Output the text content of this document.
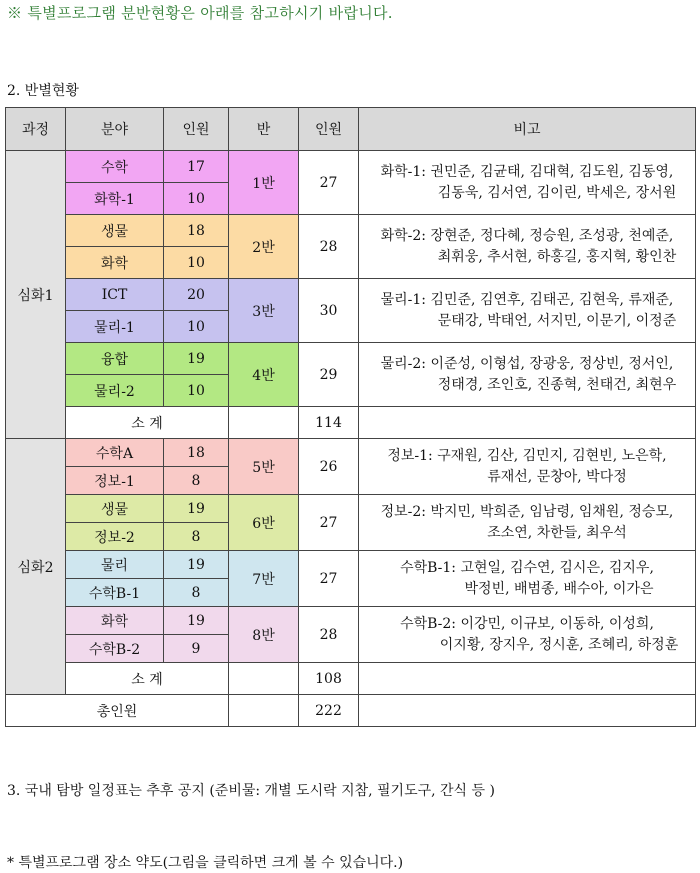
※ 특별프로그램 분반현황은 아래를 참고하시기 바랍니다.
2. 반별현황
과정	분야	인원	반	인원	비고
심화1	수학	17	1반	27	화학-1: 권민준, 김균태, 김대혁, 김도원, 김동영,
김동욱, 김서연, 김이린, 박세은, 장서원

	화학-1	10			
	생물	18	2반	28	화학-2: 장현준, 정다혜, 정승원, 조성광, 천예준,
최휘웅, 추서현, 하홍길, 홍지혁, 황인찬

	화학	10			
	ICT	20	3반	30	물리-1: 김민준, 김연후, 김태곤, 김현욱, 류재준,
문태강, 박태언, 서지민, 이문기, 이정준

	물리-1	10			
	융합	19	4반	29	물리-2: 이준성, 이형섭, 장광웅, 정상빈, 정서인,
정태경, 조인호, 진종혁, 천태건, 최현우

	물리-2	10			
	소 계			114	
심화2	수학A	18	5반	26	정보-1: 구재원, 김산, 김민지, 김현빈, 노은학,
류재선, 문창아, 박다정

	정보-1	8			
	생물	19	6반	27	정보-2: 박지민, 박희준, 임남령, 임채원, 정승모,
조소연, 차한들, 최우석

	정보-2	8			
	물리	19	7반	27	수학B-1: 고현일, 김수연, 김시은, 김지우,
박정빈, 배범종, 배수아, 이가은

	수학B-1	8			
	화학	19	8반	28	수학B-2: 이강민, 이규보, 이동하, 이성희,
이지황, 장지우, 정시훈, 조혜리, 하정훈

	수학B-2	9			
	소 계			108	
총인원				222	
3. 국내 탐방 일정표는 추후 공지 (준비물: 개별 도시락 지참, 필기도구, 간식 등 )
* 특별프로그램 장소 약도(그림을 클릭하면 크게 볼 수 있습니다.)
